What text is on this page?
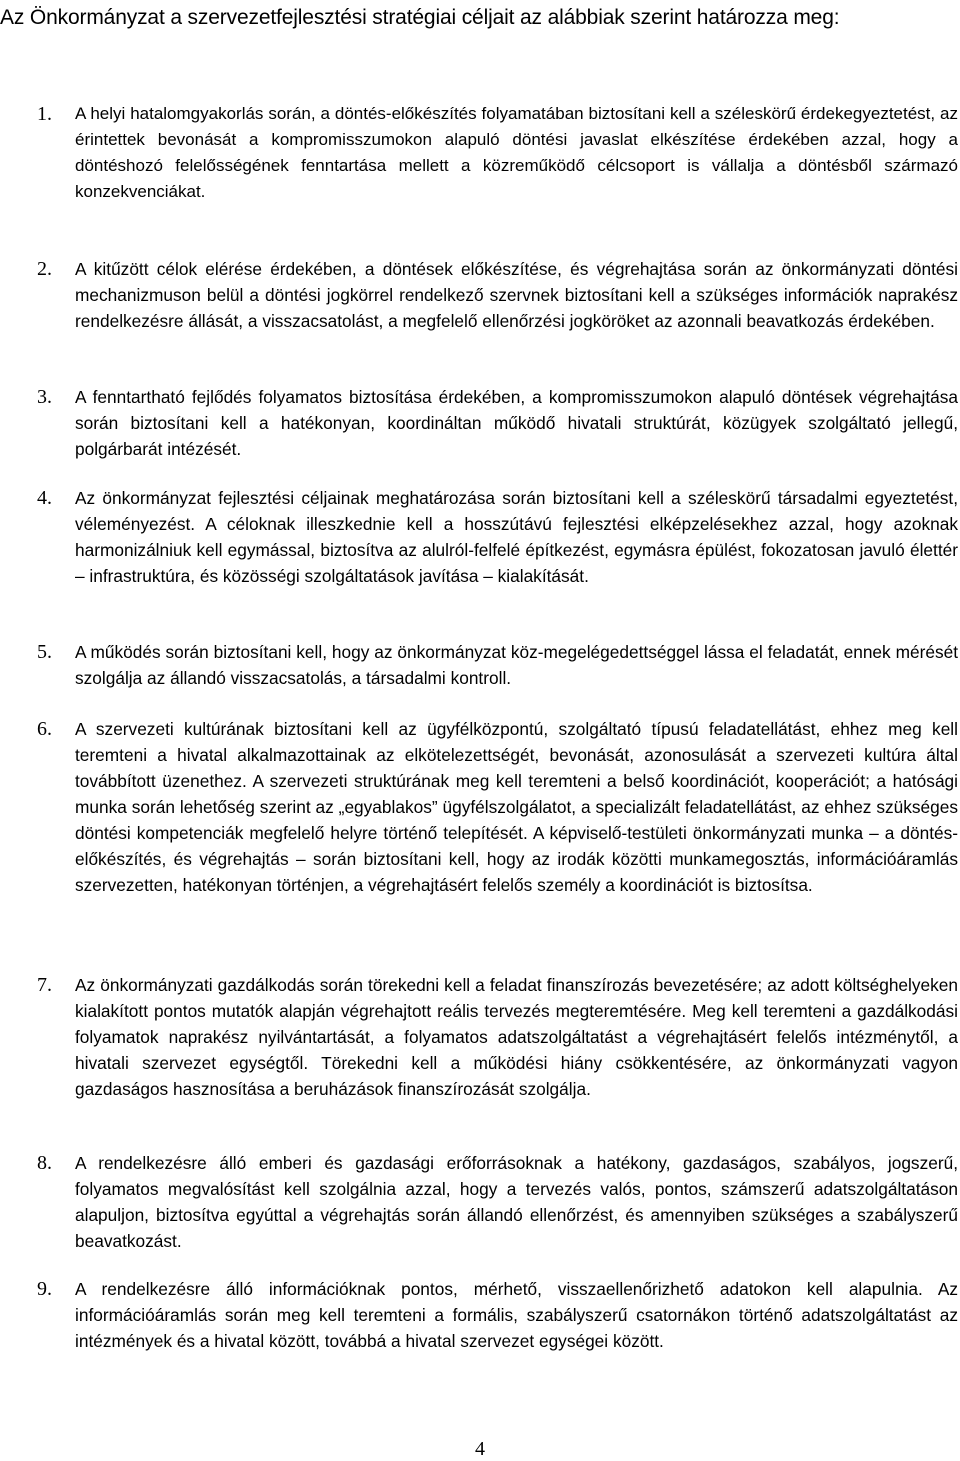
Az Önkormányzat a szervezetfejlesztési stratégiai céljait az alábbiak szerint határozza meg:
1. A helyi hatalomgyakorlás során, a döntés-előkészítés folyamatában biztosítani kell a széleskörű érdekegyeztetést, az érintettek bevonását a kompromisszumokon alapuló döntési javaslat elkészítése érdekében azzal, hogy a döntéshozó felelősségének fenntartása mellett a közreműködő célcsoport is vállalja a döntésből származó konzekvenciákat.
2. A kitűzött célok elérése érdekében, a döntések előkészítése, és végrehajtása során az önkormányzati döntési mechanizmuson belül a döntési jogkörrel rendelkező szervnek biztosítani kell a szükséges információk naprakész rendelkezésre állását, a visszacsatolást, a megfelelő ellenőrzési jogköröket az azonnali beavatkozás érdekében.
3. A fenntartható fejlődés folyamatos biztosítása érdekében, a kompromisszumokon alapuló döntések végrehajtása során biztosítani kell a hatékonyan, koordináltan működő hivatali struktúrát, közügyek szolgáltató jellegű, polgárbarát intézését.
4. Az önkormányzat fejlesztési céljainak meghatározása során biztosítani kell a széleskörű társadalmi egyeztetést, véleményezést. A céloknak illeszkednie kell a hosszútávú fejlesztési elképzelésekhez azzal, hogy azoknak harmonizálniuk kell egymással, biztosítva az alulról-felfelé építkezést, egymásra épülést, fokozatosan javuló élettér – infrastruktúra, és közösségi szolgáltatások javítása – kialakítását.
5. A működés során biztosítani kell, hogy az önkormányzat köz-megelégedettséggel lássa el feladatát, ennek mérését szolgálja az állandó visszacsatolás, a társadalmi kontroll.
6. A szervezeti kultúrának biztosítani kell az ügyfélközpontú, szolgáltató típusú feladatellátást, ehhez meg kell teremteni a hivatal alkalmazottainak az elkötelezettségét, bevonását, azonosulását a szervezeti kultúra által továbbított üzenethez. A szervezeti struktúrának meg kell teremteni a belső koordinációt, kooperációt; a hatósági munka során lehetőség szerint az „egyablakos” ügyfélszolgálatot, a specializált feladatellátást, az ehhez szükséges döntési kompetenciák megfelelő helyre történő telepítését. A képviselő-testületi önkormányzati munka – a döntés-előkészítés, és végrehajtás – során biztosítani kell, hogy az irodák közötti munkamegosztás, információáramlás szervezetten, hatékonyan történjen, a végrehajtásért felelős személy a koordinációt is biztosítsa.
7. Az önkormányzati gazdálkodás során törekedni kell a feladat finanszírozás bevezetésére; az adott költséghelyeken kialakított pontos mutatók alapján végrehajtott reális tervezés megteremtésére. Meg kell teremteni a gazdálkodási folyamatok naprakész nyilvántartását, a folyamatos adatszolgáltatást a végrehajtásért felelős intézménytől, a hivatali szervezet egységtől. Törekedni kell a működési hiány csökkentésére, az önkormányzati vagyon gazdaságos hasznosítása a beruházások finanszírozását szolgálja.
8. A rendelkezésre álló emberi és gazdasági erőforrásoknak a hatékony, gazdaságos, szabályos, jogszerű, folyamatos megvalósítást kell szolgálnia azzal, hogy a tervezés valós, pontos, számszerű adatszolgáltatáson alapuljon, biztosítva egyúttal a végrehajtás során állandó ellenőrzést, és amennyiben szükséges a szabályszerű beavatkozást.
9. A rendelkezésre álló információknak pontos, mérhető, visszaellenőrizhető adatokon kell alapulnia. Az információáramlás során meg kell teremteni a formális, szabályszerű csatornákon történő adatszolgáltatást az intézmények és a hivatal között, továbbá a hivatal szervezet egységei között.
4
